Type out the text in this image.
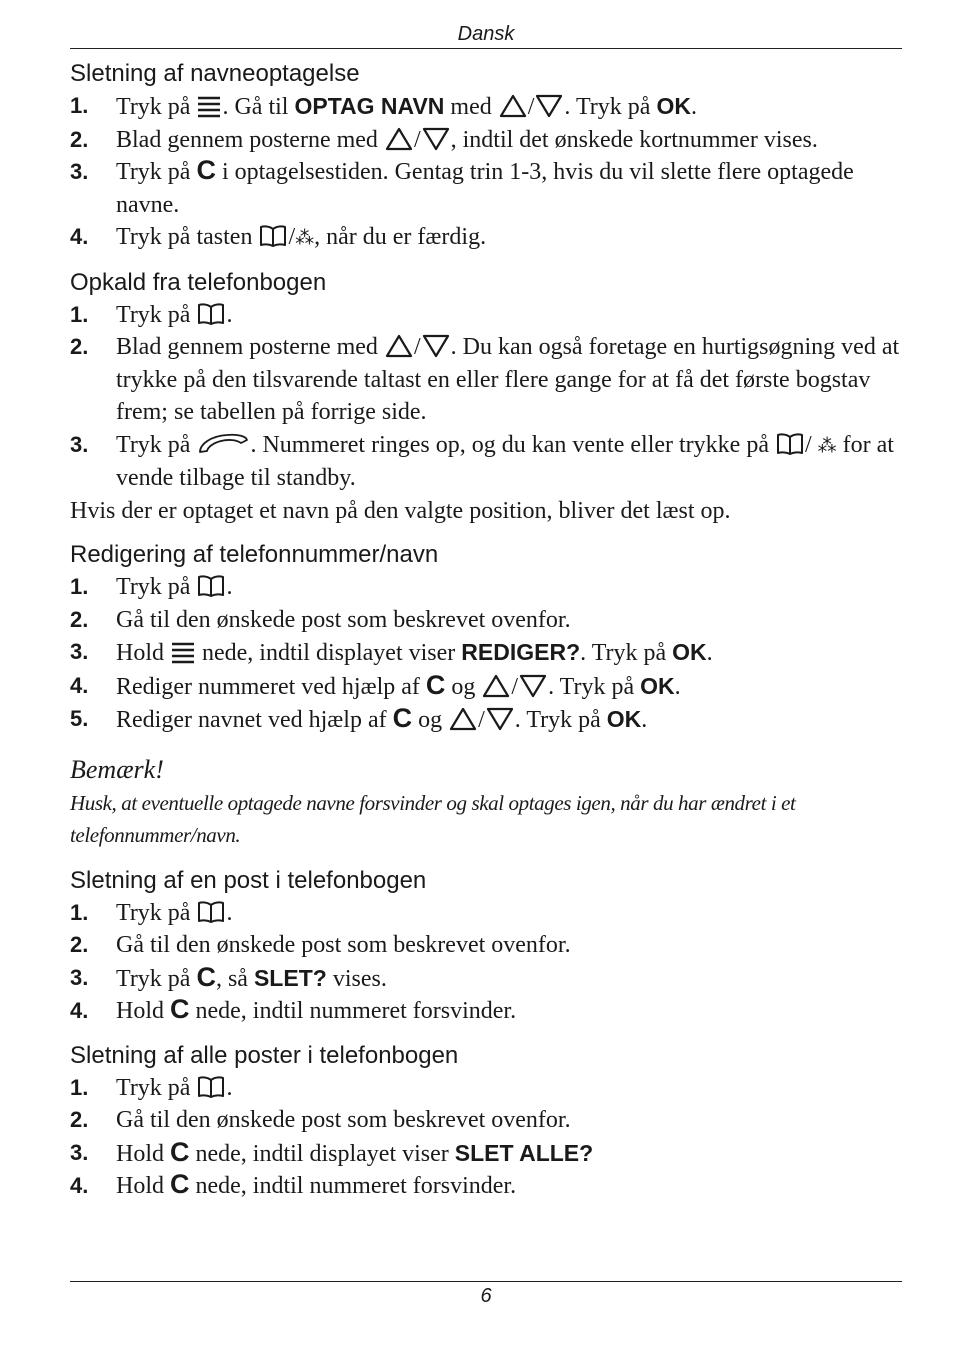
Dansk
Sletning af navneoptagelse
1. Tryk på
. Gå til OPTAG NAVN med
/ . Tryk på OK.
2. Blad gennem posterne med
/ , indtil det ønskede kortnummer vises.
3. Tryk på C i optagelsestiden. Gentag trin 1-3, hvis du vil slette flere optagede navne.
4. Tryk på tasten
/⁂, når du er færdig.
Opkald fra telefonbogen
1. Tryk på
.
2. Blad gennem posterne med
/ . Du kan også foretage en hurtigsøgning ved at trykke på den tilsvarende taltast en eller flere gange for at få det første bogstav frem; se tabellen på forrige side.
3. Tryk på
. Nummeret ringes op, og du kan vente eller trykke på
/ ⁂ for at vende tilbage til standby.

Hvis der er optaget et navn på den valgte position, bliver det læst op.

Redigering af telefonnummer/navn
1. Tryk på
.
2. Gå til den ønskede post som beskrevet ovenfor.
3. Hold
nede, indtil displayet viser REDIGER?. Tryk på OK.
4. Rediger nummeret ved hjælp af C og
/ . Tryk på OK.
5. Rediger navnet ved hjælp af C og
/ . Tryk på OK.
Bemærk!
Husk, at eventuelle optagede navne forsvinder og skal optages igen, når du har ændret i et telefonnummer/navn.
Sletning af en post i telefonbogen
1. Tryk på
.
2. Gå til den ønskede post som beskrevet ovenfor.
3. Tryk på C, så SLET? vises.
4. Hold C nede, indtil nummeret forsvinder.
Sletning af alle poster i telefonbogen
1. Tryk på
.
2. Gå til den ønskede post som beskrevet ovenfor.
3. Hold C nede, indtil displayet viser SLET ALLE?
4. Hold C nede, indtil nummeret forsvinder.
6
